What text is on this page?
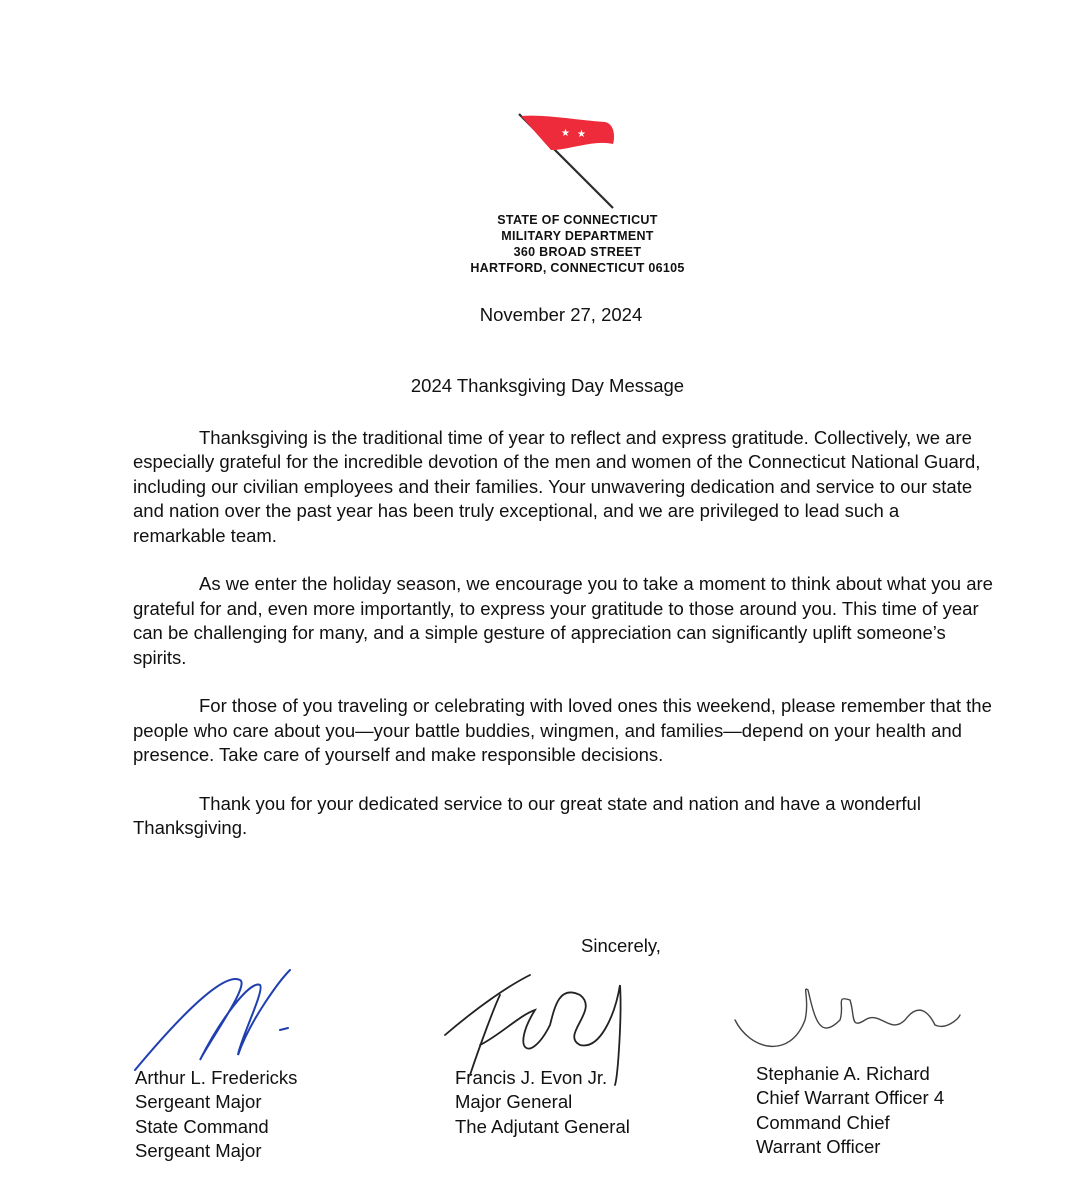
★ ★
STATE OF CONNECTICUT
MILITARY DEPARTMENT
360 BROAD STREET
HARTFORD, CONNECTICUT 06105
November 27, 2024
2024 Thanksgiving Day Message

Thanksgiving is the traditional time of year to reflect and express gratitude. Collectively, we are especially grateful for the incredible devotion of the men and women of the Connecticut National Guard, including our civilian employees and their families. Your unwavering dedication and service to our state and nation over the past year has been truly exceptional, and we are privileged to lead such a remarkable team.

As we enter the holiday season, we encourage you to take a moment to think about what you are grateful for and, even more importantly, to express your gratitude to those around you. This time of year can be challenging for many, and a simple gesture of appreciation can significantly uplift someone’s spirits.

For those of you traveling or celebrating with loved ones this weekend, please remember that the people who care about you—your battle buddies, wingmen, and families—depend on your health and presence. Take care of yourself and make responsible decisions.

Thank you for your dedicated service to our great state and nation and have a wonderful Thanksgiving.

Sincerely,
Arthur L. Fredericks
Sergeant Major
State Command
Sergeant Major
Francis J. Evon Jr.
Major General
The Adjutant General
Stephanie A. Richard
Chief Warrant Officer 4
Command Chief
Warrant Officer
